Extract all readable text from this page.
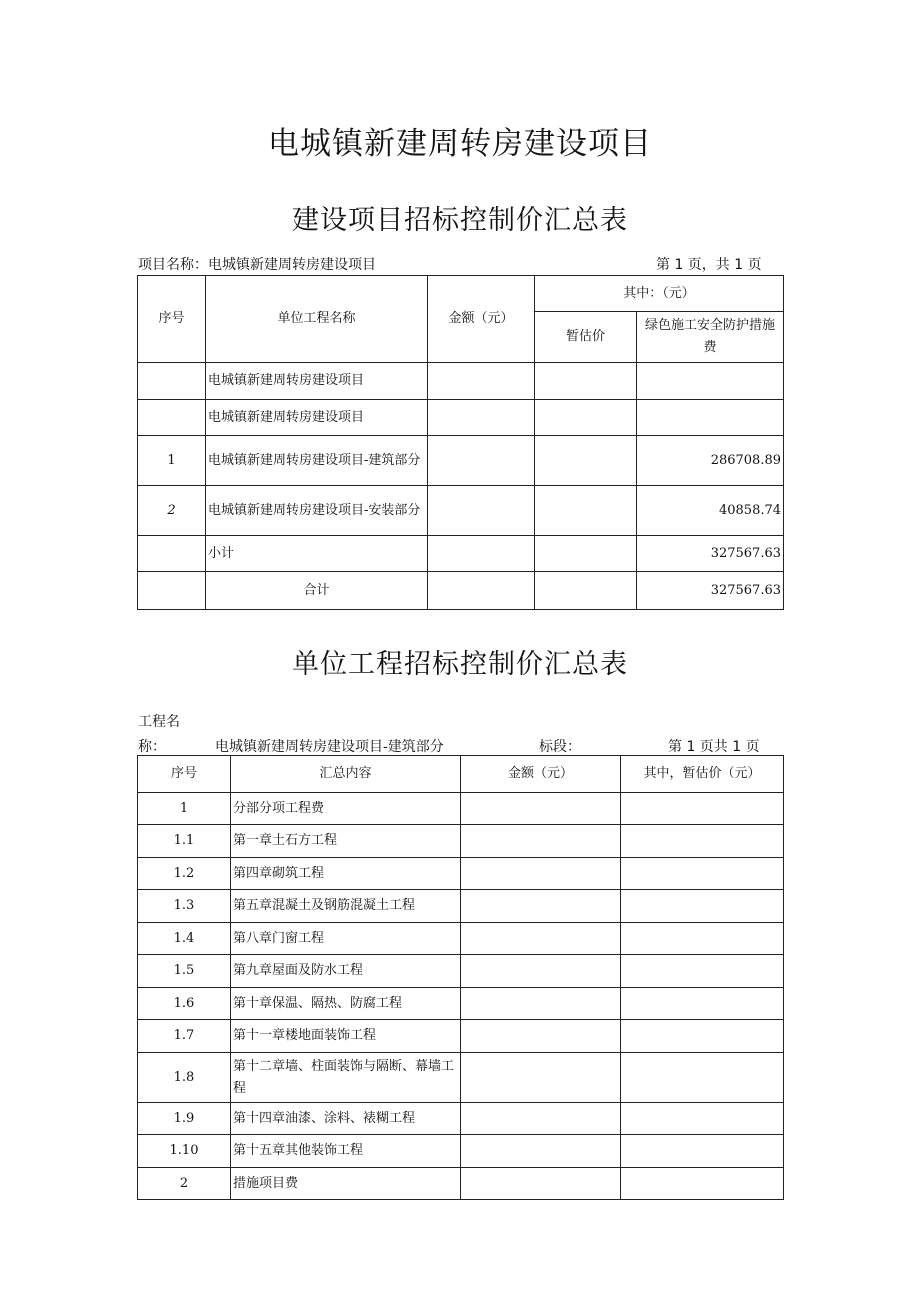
电城镇新建周转房建设项目
建设项目招标控制价汇总表
项目名称：电城镇新建周转房建设项目	第 1 页，共 1 页
序号	单位工程名称	金额（元）	其中：（元）	
			暂估价	绿色施工安全防护措施费
	电城镇新建周转房建设项目			
	电城镇新建周转房建设项目			
1	电城镇新建周转房建设项目-建筑部分			286708.89
2	电城镇新建周转房建设项目-安装部分			40858.74
	小计			327567.63
	合计			327567.63
单位工程招标控制价汇总表
工程名
称：	电城镇新建周转房建设项目-建筑部分	标段：	第 1 页共 1 页
序号	汇总内容	金额（元）	其中，暂估价（元）
1	分部分项工程费		
1.1	第一章土石方工程		
1.2	第四章砌筑工程		
1.3	第五章混凝土及钢筋混凝土工程		
1.4	第八章门窗工程		
1.5	第九章屋面及防水工程		
1.6	第十章保温、隔热、防腐工程		
1.7	第十一章楼地面装饰工程		
1.8	第十二章墙、柱面装饰与隔断、幕墙工程		
1.9	第十四章油漆、涂料、裱糊工程		
1.10	第十五章其他装饰工程		
2	措施项目费		
